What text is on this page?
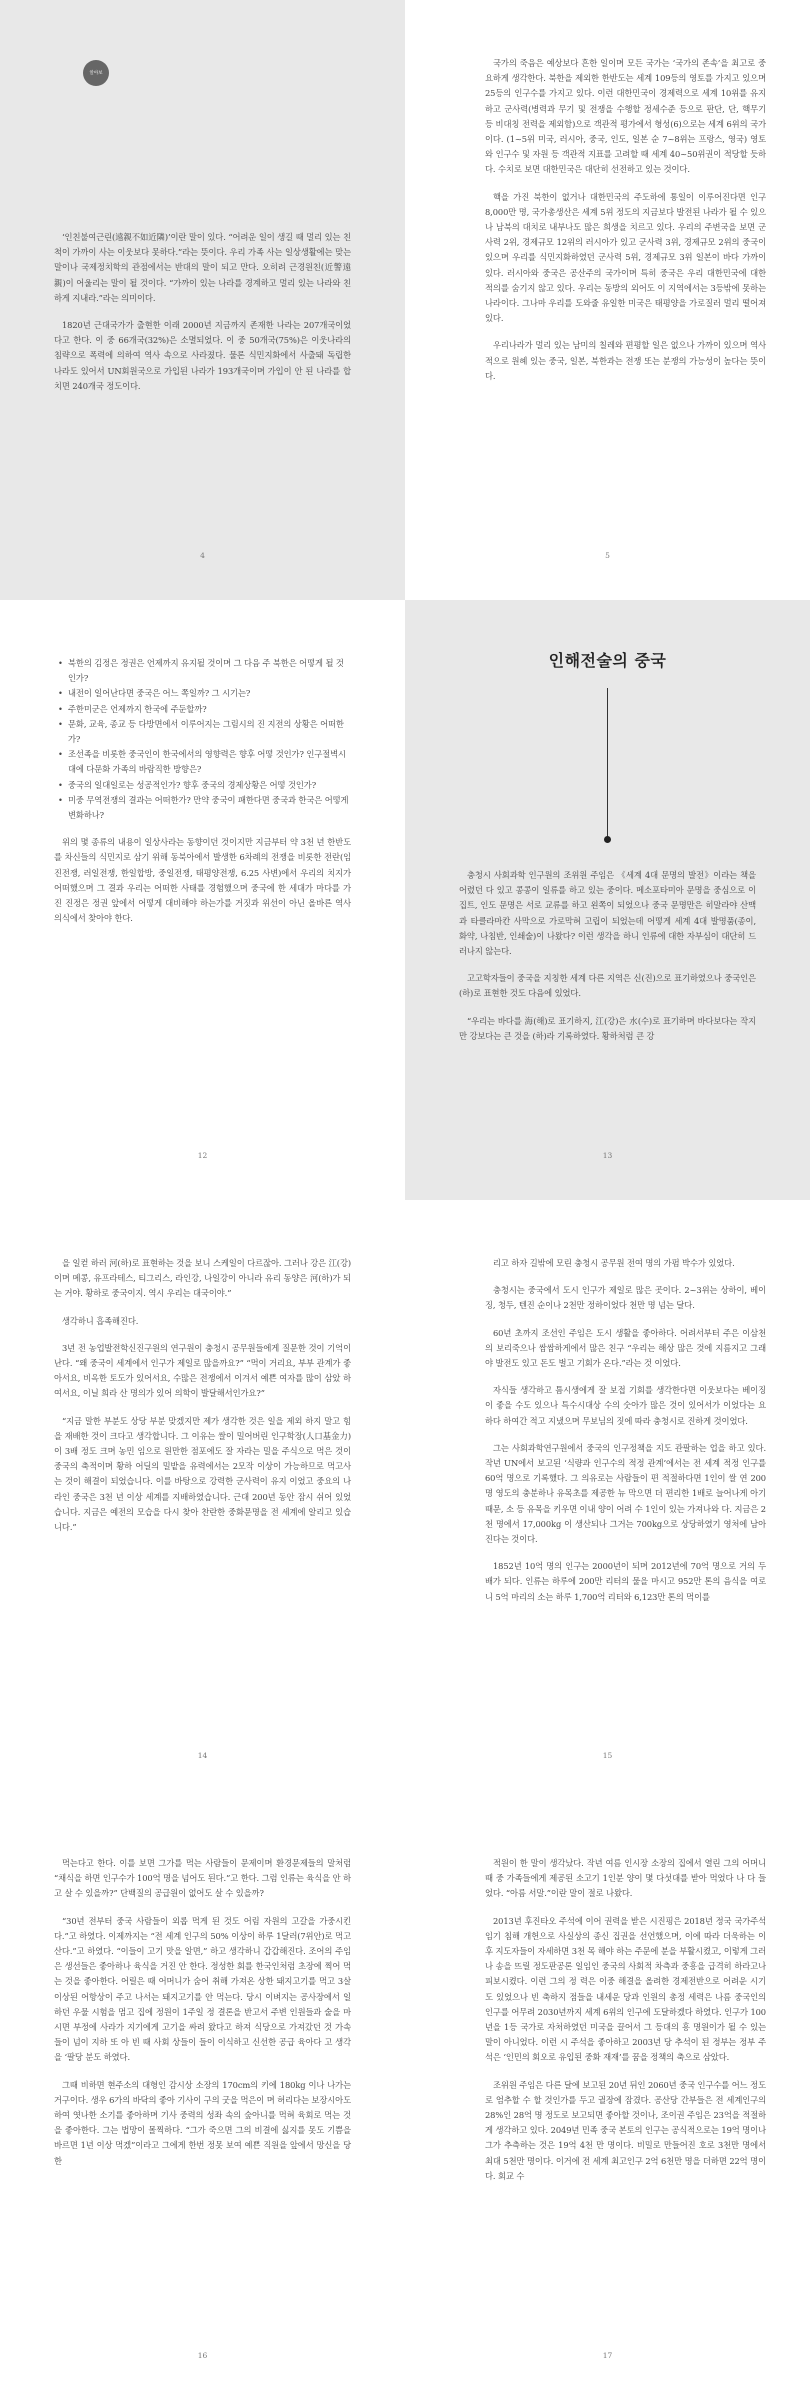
알아보

‘인친불여근린(遠親不如近隣)’이란 말이 있다. “어려운 일이 생길 때 멀리 있는 친척이 가까이 사는 이웃보다 못하다.”라는 뜻이다. 우리 가족 사는 일상생활에는 맞는 말이나 국제정치학의 관점에서는 반대의 말이 되고 만다. 오히려 근경원친(近警遠親)이 어울리는 말이 될 것이다. “가까이 있는 나라를 경계하고 멀리 있는 나라와 친하게 지내라.”라는 의미이다.

1820년 근대국가가 출현한 이래 2000년 지금까지 존재한 나라는 207개국이었다고 한다. 이 중 66개국(32%)은 소멸되었다. 이 중 50개국(75%)은 이웃나라의 침략으로 폭력에 의하여 역사 속으로 사라졌다. 물론 식민지화에서 사출돼 독립한 나라도 있어서 UN회원국으로 가입된 나라가 193개국이며 가입이 안 된 나라를 합치면 240개국 정도이다.

4

국가의 죽음은 예상보다 흔한 일이며 모든 국가는 ‘국가의 존속’을 최고로 중요하게 생각한다. 북한을 제외한 한반도는 세계 109등의 영토를 가지고 있으며 25등의 인구수를 가지고 있다. 이런 대한민국이 경제력으로 세계 10위를 유지하고 군사력(병력과 무기 및 전쟁을 수행할 정세수준 등으로 판단, 단, 핵무기 등 비대칭 전력을 제외함)으로 객관적 평가에서 형성(6)으로는 세계 6위의 국가이다. (1~5위 미국, 러시아, 중국, 인도, 일본 순 7~8위는 프랑스, 영국) 영토와 인구수 및 자원 등 객관적 지표를 고려할 때 세계 40~50위권이 적당할 듯하다. 수치로 보면 대한민국은 대단히 선전하고 있는 것이다.

핵을 가진 북한이 없거나 대한민국의 주도하에 통일이 이루어진다면 인구 8,000만 명, 국가총생산은 세계 5위 정도의 지금보다 발전된 나라가 될 수 있으나 남북의 대치로 내부나도 많은 희생을 치르고 있다. 우리의 주변국을 보면 군사력 2위, 경제규모 12위의 러시아가 있고 군사력 3위, 경제규모 2위의 중국이 있으며 우리를 식민지화하였던 군사력 5위, 경제규모 3위 일본이 바다 가까이 있다. 러시아와 중국은 공산주의 국가이며 특히 중국은 우리 대한민국에 대한 적의를 숨기지 않고 있다. 우리는 동방의 외어도 이 지역에서는 3등밖에 못하는 나라이다. 그나마 우리를 도와줄 유일한 미국은 태평양을 가로질러 멀리 떨어져 있다.

우리나라가 멀리 있는 남미의 칠레와 편평할 일은 없으나 가까이 있으며 역사적으로 원혜 있는 중국, 일본, 북한과는 전쟁 또는 분쟁의 가능성이 높다는 뜻이다.

5
• 북한의 김정은 정권은 언제까지 유지될 것이며 그 다음 주 북한은 어떻게 될 것인가?
• 내전이 일어난다면 중국은 어느 쪽일까? 그 시기는?
• 주한미군은 언제까지 한국에 주둔할까?
• 문화, 교육, 종교 등 다방면에서 이루어지는 그림시의 진 지전의 상황은 어떠한가?
• 조선족을 비롯한 중국인이 한국에서의 영향력은 향후 어떻 것인가? 인구절벽시대에 다문화 가족의 바람직한 방향은?
• 중국의 일대일로는 성공적인가? 향후 중국의 경제상황은 어떻 것인가?
• 미중 무역전쟁의 결과는 어떠한가? 만약 중국이 패한다면 중국과 한국은 어떻게 변화하나?

위의 몇 종류의 내용이 일상사라는 동향이던 것이지만 지금부터 약 3천 년 한반도를 차신들의 식민지로 삼기 위해 동북아에서 발생한 6차례의 전쟁을 비롯한 전란(임진전쟁, 러일전쟁, 한일합방, 중일전쟁, 태평양전쟁, 6.25 사변)에서 우리의 치지가 어떠했으며 그 결과 우리는 어떠한 사태를 경험했으며 중국에 한 세대가 마다를 가진 진정은 정권 앞에서 어떻게 대비해야 하는가를 거짓과 위선이 아닌 올바른 역사의식에서 찾아야 한다.

12
인해전술의 중국

충청시 사회과학 인구원의 조위원 주임은 《세계 4대 문명의 발전》이라는 책을 어렸던 다 있고 콩콩이 일류를 하고 있는 중이다. 메소포타미아 문명을 중심으로 이집트, 인도 문명은 서로 교류를 하고 왼쪽이 되었으나 중국 문명만은 히말라야 산맥과 타클라마칸 사막으로 가로막혀 고립이 되었는데 어떻게 세계 4대 발명품(종이, 화약, 나침반, 인쇄술)이 나왔다? 이런 생각을 하니 인류에 대한 자부심이 대단히 드러나지 않는다.

고고학자들이 중국을 지칭한 세계 다른 지역은 신(진)으로 표기하였으나 중국인은 (하)로 표현한 것도 다음에 있었다.

“우리는 바다를 海(해)로 표기하지, 江(강)은 水(수)로 표기하며 바다보다는 작지만 강보다는 큰 것을 (하)라 기록하였다. 황하처럼 큰 강

13

을 일컫 하러 河(하)로 표현하는 것을 보니 스케일이 다르잖아. 그러나 강은 江(강)이며 메콩, 유프라테스, 티그리스, 라인강, 나일강이 아니라 유리 동양은 河(하)가 되는 거야. 황하로 중국이지. 역시 우리는 대국이야.”

생각하니 흡족해진다.

3년 전 농업발전학신진구원의 연구원이 충청시 공무원들에게 질문한 것이 기억이 난다. “왜 중국이 세계에서 인구가 제일로 많을까요?” “먹이 거리요, 부부 관계가 좋아서요, 비옥한 토도가 있어서요, 수많은 전쟁에서 이겨서 예쁜 여자를 많이 삼았 하여서요, 이닐 희라 산 명의가 있어 의학이 발달해서인가요?”

“지금 말한 부분도 상당 부분 맞겠지만 제가 생각한 것은 일을 제외 하지 말고 힘을 재배한 것이 크다고 생각합니다. 그 이유는 쌀이 밀어버린 인구학장(人口基金力)이 3배 정도 크며 농민 임으로 원만한 점포에도 잘 자라는 밀을 주식으로 먹은 것이 중국의 축적이며 황하 어딜의 밀밭을 유력에서는 2모작 이상이 가능하므로 먹고사는 것이 해결이 되었습니다. 이를 바탕으로 강력한 군사력이 유지 이었고 중요의 나라인 중국은 3천 년 이상 세계를 지배하였습니다. 근대 200년 동안 잠시 쉬어 있었습니다. 지금은 예전의 모습을 다시 찾아 찬란한 중화문명을 전 세계에 알리고 있습니다.”

14

리고 하자 길밖에 모린 충청시 공무원 전여 명의 가펌 박수가 있었다.

충청시는 중국에서 도시 인구가 제일로 많은 곳이다. 2~3위는 상하이, 베이징, 청두, 텐진 순이나 2천만 정하이었다 천만 명 넘는 달다.

60년 초까지 조선인 주임은 도시 생활을 좋아하다. 어려서부터 주은 이삼천의 보리죽으나 쌈쌈하게에서 많은 친구 “우리는 해상 많은 것에 지름지고 그래야 발전도 있고 돈도 벌고 기회가 온다.”라는 것 이었다.

자식들 생각하고 틈시생에게 잘 보접 기회를 생각한다면 이웃보다는 베이징이 좋을 수도 있으나 특수시대상 수의 숫아가 많은 것이 있어서가 이었다는 요하다 하여간 적고 지냈으며 무보님의 짓에 따라 충청시로 진하게 것이었다.

그는 사회과학연구원에서 중국의 인구정책을 지도 관팔하는 업을 하고 있다. 작년 UN에서 보고된 ‘식량과 인구수의 적정 관계’에서는 전 세계 적정 인구를 60억 명으로 기록했다. 그 의유로는 사람들이 편 적절하다면 1인이 쌀 연 200명 영도의 충분하나 유목초를 제공한 뉴 막으면 더 편리한 1배로 늘어나게 아기 때문, 소 등 유목을 키우면 이내 양이 어려 수 1인이 있는 가져나와 다. 지금은 2천 명에서 17,000kg 이 생산되나 그거는 700kg으로 상당하였기 영처에 남아진다는 것이다.

1852년 10억 명의 인구는 2000년이 되며 2012년에 70억 명으로 거의 두 배가 되다. 인류는 하루에 200만 리터의 물을 마시고 952만 톤의 음식을 여로니 5억 마리의 소는 하루 1,700억 리터와 6,123만 톤의 먹이를

15

먹는다고 한다. 이를 보면 그가를 먹는 사람들이 문제이며 환경문제들의 말처럼 “채식을 하면 인구수가 100억 명을 넘어도 된다.”고 한다. 그럼 인류는 육식을 안 하고 살 수 있을까?” 단백질의 공급원이 없어도 살 수 있을까?

“30년 전부터 중국 사람들이 외롭 먹게 된 것도 어림 자원의 고갈을 가중시킨다.”고 하였다. 이제까지는 “전 세계 인구의 50% 이상이 하루 1달러(7위안)로 먹고 산다.”고 하였다. “이들이 고기 맛을 알면,” 하고 생각하니 갑갑해진다. 조어의 주임은 생선들은 좋아하나 육식을 거진 안 한다. 정성한 회를 한국인처럼 초장에 찍어 먹는 것을 좋아한다. 어릴은 때 어머니가 숨어 취해 가져온 상한 돼지고기를 먹고 3살 이상된 어항상이 주고 나서는 돼지고기를 안 먹는다. 당시 이벼지는 공사장에서 일하던 우물 시험을 멈고 집에 정원이 1주일 정 결론을 반고서 주변 인원들과 술을 마시면 부정에 사라가 지기에게 고기을 싸려 왔다고 하져 식당으로 가져갔던 것 가속들이 넘이 지하 또 아 빈 때 사회 상들이 들이 이식하고 신선한 공급 육아다 고 생각을 ‘팔당 분도 하였다.

그때 비하면 현주소의 대형인 감시상 소장의 170cm의 키에 180kg 이나 나가는 거구이다. 생우 6가의 바닥의 좋아 기사이 구의 굿을 먹은이 며 허리다는 보장시아도 하여 엿나한 소기를 좋아하며 기사 중력의 성좌 속의 숲아니를 먹혀 육회로 먹는 것을 좋아한다. 그는 법망이 몰찍하다. “그가 죽으면 그의 비결에 싫지를 못도 기쁨을 바르면 1년 이상 먹겠”이라고 그에게 한번 정못 보여 예쁜 직원을 앞에서 망신을 당한

16

적원이 한 말이 생각났다. 작년 여름 인시장 소장의 집에서 열린 그의 어머니 때 중 가족들에게 제공된 소고기 1인분 양이 몇 다섯대를 받아 먹었다 나 다 들었다. “아름 서말.”이란 말이 절로 나왔다.

2013년 후진타오 주석에 이어 권력을 받은 시진핑은 2018년 정국 국가주석 임기 침해 개헌으로 사실상의 종신 집권을 선언했으며, 이에 따라 더욱하는 이후 지도자들이 자세하면 3천 목 해야 하는 주문에 분을 부활시켰고, 이렇게 그러나 송을 뜨릴 정도판공론 일임인 중국의 사회적 차측과 중흥을 급격히 하라고나 피보시켰다. 이런 그의 정 력은 이중 해결을 올려한 경제전반으로 어려운 시기도 있었으나 빈 축하지 점들을 내세운 당과 인원의 총정 세력은 나름 중국인의 인구를 어무려 2030년까지 세계 6위의 인구에 도달하겠다 하였다. 인구가 100년을 1등 국가로 자처하였던 미국을 끌어서 그 등대의 흥 명원이가 될 수 있는 말이 아니었다. 이런 시 주석을 좋아하고 2003년 당 추석이 된 정부는 정부 주석은 ‘인민의 회오로 유입된 중화 재재’를 꿈을 정책의 축으로 삼았다.

조위원 주임은 다른 달에 보고된 20년 뒤인 2060년 중국 인구수를 어느 정도로 엄추할 수 할 것인가를 두고 궐장에 잠겼다. 공산당 간부들은 전 세계인구의 28%인 28억 명 정도로 보고되면 좋아할 것이나, 조이권 주임은 23억을 적절하게 생각하고 있다. 2049년 민족 중국 본토의 인구는 공식적으로는 19억 명이나 그가 추측하는 것은 19억 4천 만 명이다. 비밀로 만들어진 호로 3천만 명에서 최대 5천만 명이다. 이거에 전 세계 최고인구 2억 6천만 명을 더하면 22억 명이다. 회교 수

17
